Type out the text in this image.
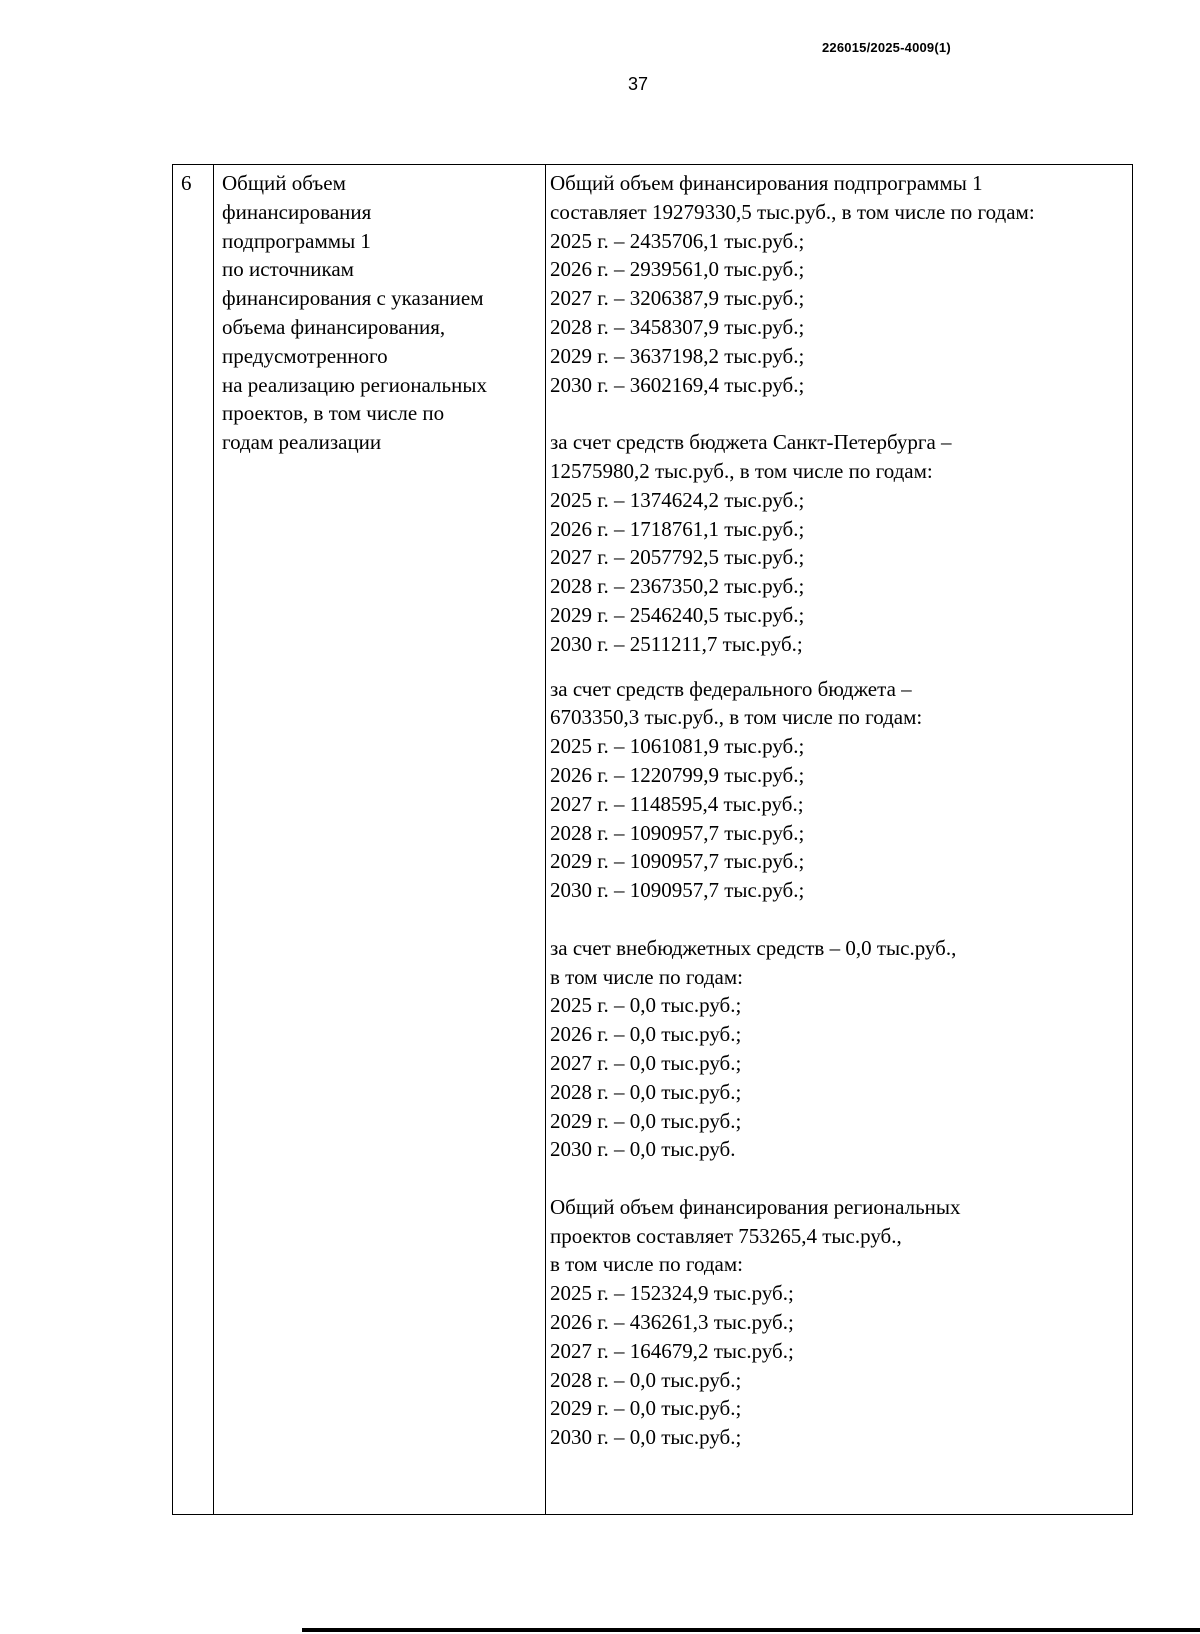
226015/2025-4009(1)
37
6 Общий объем
финансирования
подпрограммы 1
по источникам
финансирования с указанием
объема финансирования,
предусмотренного
на реализацию региональных
проектов, в том числе по
годам реализации
Общий объем финансирования подпрограммы 1
составляет 19279330,5 тыс.руб., в том числе по годам:
2025 г. – 2435706,1 тыс.руб.;
2026 г. – 2939561,0 тыс.руб.;
2027 г. – 3206387,9 тыс.руб.;
2028 г. – 3458307,9 тыс.руб.;
2029 г. – 3637198,2 тыс.руб.;
2030 г. – 3602169,4 тыс.руб.;
за счет средств бюджета Санкт-Петербурга –
12575980,2 тыс.руб., в том числе по годам:
2025 г. – 1374624,2 тыс.руб.;
2026 г. – 1718761,1 тыс.руб.;
2027 г. – 2057792,5 тыс.руб.;
2028 г. – 2367350,2 тыс.руб.;
2029 г. – 2546240,5 тыс.руб.;
2030 г. – 2511211,7 тыс.руб.;
за счет средств федерального бюджета –
6703350,3 тыс.руб., в том числе по годам:
2025 г. – 1061081,9 тыс.руб.;
2026 г. – 1220799,9 тыс.руб.;
2027 г. – 1148595,4 тыс.руб.;
2028 г. – 1090957,7 тыс.руб.;
2029 г. – 1090957,7 тыс.руб.;
2030 г. – 1090957,7 тыс.руб.;
за счет внебюджетных средств – 0,0 тыс.руб.,
в том числе по годам:
2025 г. – 0,0 тыс.руб.;
2026 г. – 0,0 тыс.руб.;
2027 г. – 0,0 тыс.руб.;
2028 г. – 0,0 тыс.руб.;
2029 г. – 0,0 тыс.руб.;
2030 г. – 0,0 тыс.руб.
Общий объем финансирования региональных
проектов составляет 753265,4 тыс.руб.,
в том числе по годам:
2025 г. – 152324,9 тыс.руб.;
2026 г. – 436261,3 тыс.руб.;
2027 г. – 164679,2 тыс.руб.;
2028 г. – 0,0 тыс.руб.;
2029 г. – 0,0 тыс.руб.;
2030 г. – 0,0 тыс.руб.;
